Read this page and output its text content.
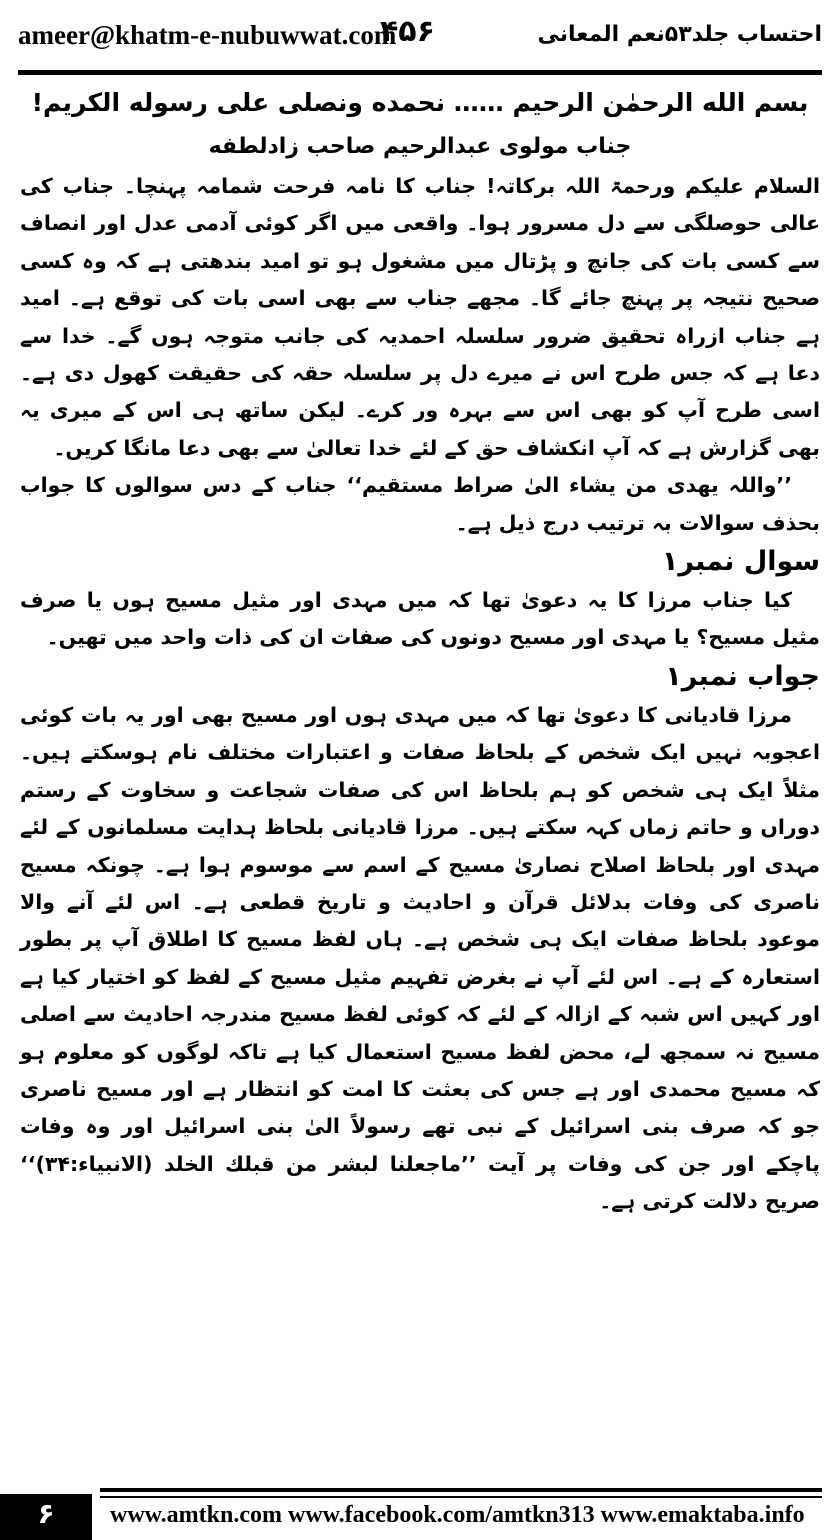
ameer@khatm-e-nubuwwat.com
۴۵۶	احتساب جلد۵۳نعم المعانی
بسم الله الرحمٰن الرحیم …… نحمده ونصلی علی رسوله الكريم!
جناب مولوی عبدالرحیم صاحب زادلطفه

السلام علیکم ورحمۃ اللہ برکاتہ! جناب کا نامہ فرحت شمامہ پہنچا۔ جناب کی عالی حوصلگی سے دل مسرور ہوا۔ واقعی میں اگر کوئی آدمی عدل اور انصاف سے کسی بات کی جانچ و پڑتال میں مشغول ہو تو امید بندھتی ہے کہ وہ کسی صحیح نتیجہ پر پہنچ جائے گا۔ مجھے جناب سے بھی اسی بات کی توقع ہے۔ امید ہے جناب ازراہ تحقیق ضرور سلسلہ احمدیہ کی جانب متوجہ ہوں گے۔ خدا سے دعا ہے کہ جس طرح اس نے میرے دل پر سلسلہ حقہ کی حقیقت کھول دی ہے۔ اسی طرح آپ کو بھی اس سے بہرہ ور کرے۔ لیکن ساتھ ہی اس کے میری یہ بھی گزارش ہے کہ آپ انکشاف حق کے لئے خدا تعالیٰ سے بھی دعا مانگا کریں۔

’’واللہ یھدی من یشاء الیٰ صراط مستقیم‘‘ جناب کے دس سوالوں کا جواب بحذف سوالات بہ ترتیب درج ذیل ہے۔

سوال نمبر۱

کیا جناب مرزا کا یہ دعویٰ تھا کہ میں مہدی اور مثیل مسیح ہوں یا صرف مثیل مسیح؟ یا مہدی اور مسیح دونوں کی صفات ان کی ذات واحد میں تھیں۔

جواب نمبر۱

مرزا قادیانی کا دعویٰ تھا کہ میں مہدی ہوں اور مسیح بھی اور یہ بات کوئی اعجوبہ نہیں ایک شخص کے بلحاظ صفات و اعتبارات مختلف نام ہوسکتے ہیں۔ مثلاً ایک ہی شخص کو ہم بلحاظ اس کی صفات شجاعت و سخاوت کے رستم دوراں و حاتم زماں کہہ سکتے ہیں۔ مرزا قادیانی بلحاظ ہدایت مسلمانوں کے لئے مہدی اور بلحاظ اصلاح نصاریٰ مسیح کے اسم سے موسوم ہوا ہے۔ چونکہ مسیح ناصری کی وفات بدلائل قرآن و احادیث و تاریخ قطعی ہے۔ اس لئے آنے والا موعود بلحاظ صفات ایک ہی شخص ہے۔ ہاں لفظ مسیح کا اطلاق آپ پر بطور استعارہ کے ہے۔ اس لئے آپ نے بغرض تفہیم مثیل مسیح کے لفظ کو اختیار کیا ہے اور کہیں اس شبہ کے ازالہ کے لئے کہ کوئی لفظ مسیح مندرجہ احادیث سے اصلی مسیح نہ سمجھ لے، محض لفظ مسیح استعمال کیا ہے تاکہ لوگوں کو معلوم ہو کہ مسیح محمدی اور ہے جس کی بعثت کا امت کو انتظار ہے اور مسیح ناصری جو کہ صرف بنی اسرائیل کے نبی تھے رسولاً الیٰ بنی اسرائیل اور وہ وفات پاچکے اور جن کی وفات پر آیت ’’ماجعلنا لبشر من قبلك الخلد (الانبیاء:۳۴)‘‘ صریح دلالت کرتی ہے۔

۶	www.amtkn.com www.facebook.com/amtkn313 www.emaktaba.info
